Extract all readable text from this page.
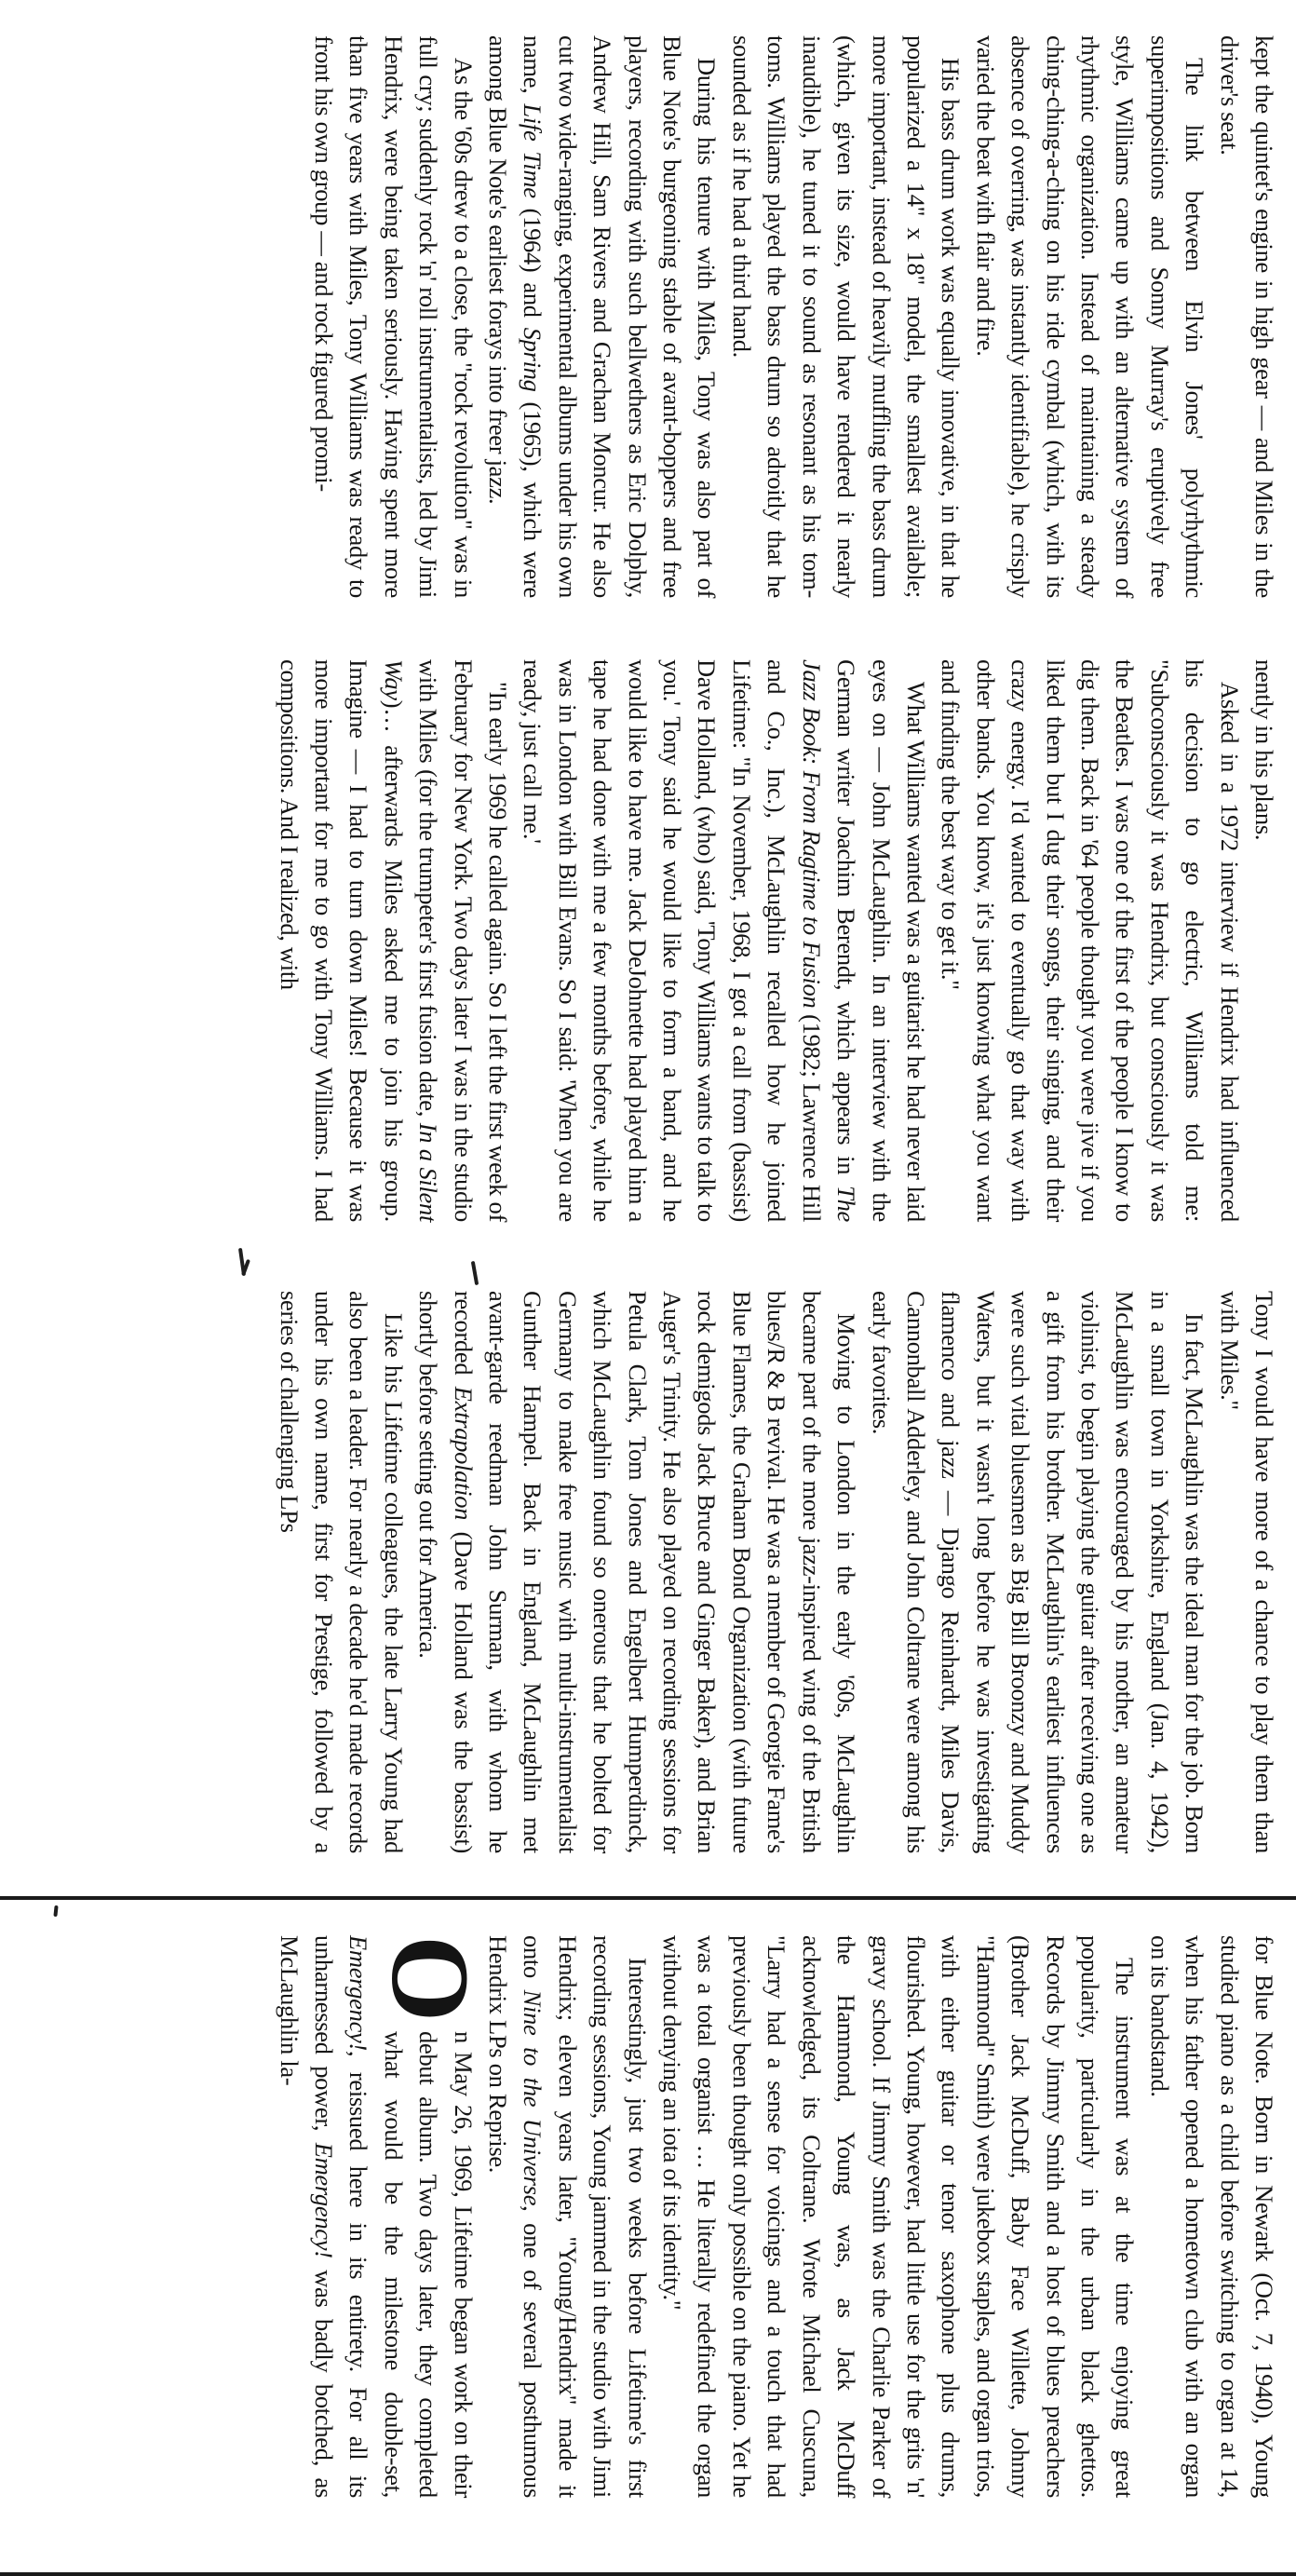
kept the quintet's engine in high gear — and Miles in the driver's seat.

The link between Elvin Jones' polyrhythmic superimpositions and Sonny Murray's eruptively free style, Williams came up with an alternative system of rhythmic organization. Instead of maintaining a steady ching-ching-a-ching on his ride cymbal (which, with its absence of overring, was instantly identifiable), he crisply varied the beat with flair and fire.

His bass drum work was equally innovative, in that he popularized a 14" x 18" model, the smallest available; more important, instead of heavily muffling the bass drum (which, given its size, would have rendered it nearly inaudible), he tuned it to sound as resonant as his tom-toms. Williams played the bass drum so adroitly that he sounded as if he had a third hand.

During his tenure with Miles, Tony was also part of Blue Note's burgeoning stable of avant-boppers and free players, recording with such bellwethers as Eric Dolphy, Andrew Hill, Sam Rivers and Grachan Moncur. He also cut two wide-ranging, experimental albums under his own name, Life Time (1964) and Spring (1965), which were among Blue Note's earliest forays into freer jazz.

As the '60s drew to a close, the "rock revolution" was in full cry; suddenly rock 'n' roll instrumentalists, led by Jimi Hendrix, were being taken seriously. Having spent more than five years with Miles, Tony Williams was ready to front his own group — and rock figured promi-

nently in his plans.

Asked in a 1972 interview if Hendrix had influenced his decision to go electric, Williams told me: "Subconsciously it was Hendrix, but consciously it was the Beatles. I was one of the first of the people I know to dig them. Back in '64 people thought you were jive if you liked them but I dug their songs, their singing, and their crazy energy. I'd wanted to eventually go that way with other bands. You know, it's just knowing what you want and finding the best way to get it."

What Williams wanted was a guitarist he had never laid eyes on — John McLaughlin. In an interview with the German writer Joachim Berendt, which appears in The Jazz Book: From Ragtime to Fusion (1982; Lawrence Hill and Co., Inc.), McLaughlin recalled how he joined Lifetime: "In November, 1968, I got a call from (bassist) Dave Holland, (who) said, 'Tony Williams wants to talk to you.' Tony said he would like to form a band, and he would like to have me. Jack DeJohnette had played him a tape he had done with me a few months before, while he was in London with Bill Evans. So I said: 'When you are ready, just call me.'

"In early 1969 he called again. So I left the first week of February for New York. Two days later I was in the studio with Miles (for the trumpeter's first fusion date, In a Silent Way)… afterwards Miles asked me to join his group. Imagine — I had to turn down Miles! Because it was more important for me to go with Tony Williams. I had compositions. And I realized, with

Tony I would have more of a chance to play them than with Miles."

In fact, McLaughlin was the ideal man for the job. Born in a small town in Yorkshire, England (Jan. 4, 1942), McLaughlin was encouraged by his mother, an amateur violinist, to begin playing the guitar after receiving one as a gift from his brother. McLaughlin's earliest influences were such vital bluesmen as Big Bill Broonzy and Muddy Waters, but it wasn't long before he was investigating flamenco and jazz — Django Reinhardt, Miles Davis, Cannonball Adderley, and John Coltrane were among his early favorites.

Moving to London in the early '60s, McLaughlin became part of the more jazz-inspired wing of the British blues/R & B revival. He was a member of Georgie Fame's Blue Flames, the Graham Bond Organization (with future rock demigods Jack Bruce and Ginger Baker), and Brian Auger's Trinity. He also played on recording sessions for Petula Clark, Tom Jones and Engelbert Humperdinck, which McLaughlin found so onerous that he bolted for Germany to make free music with multi-instrumentalist Gunther Hampel. Back in England, McLaughlin met avant-garde reedman John Surman, with whom he recorded Extrapolation (Dave Holland was the bassist) shortly before setting out for America.

Like his Lifetime colleagues, the late Larry Young had also been a leader. For nearly a decade he'd made records under his own name, first for Prestige, followed by a series of challenging LPs

for Blue Note. Born in Newark (Oct. 7, 1940), Young studied piano as a child before switching to organ at 14, when his father opened a hometown club with an organ on its bandstand.

The instrument was at the time enjoying great popularity, particularly in the urban black ghettos. Records by Jimmy Smith and a host of blues preachers (Brother Jack McDuff, Baby Face Willette, Johnny "Hammond" Smith) were jukebox staples, and organ trios, with either guitar or tenor saxophone plus drums, flourished. Young, however, had little use for the grits 'n' gravy school. If Jimmy Smith was the Charlie Parker of the Hammond, Young was, as Jack McDuff acknowledged, its Coltrane. Wrote Michael Cuscuna, "Larry had a sense for voicings and a touch that had previously been thought only possible on the piano. Yet he was a total organist … He literally redefined the organ without denying an iota of its identity."

Interestingly, just two weeks before Lifetime's first recording sessions, Young jammed in the studio with Jimi Hendrix; eleven years later, "Young/Hendrix" made it onto Nine to the Universe, one of several posthumous Hendrix LPs on Reprise.

O
n May 26, 1969, Lifetime began work on their debut album. Two days later, they completed what would be the milestone double-set, Emergency!, reissued here in its entirety. For all its unharnessed power, Emergency! was badly botched, as McLaughlin la-
